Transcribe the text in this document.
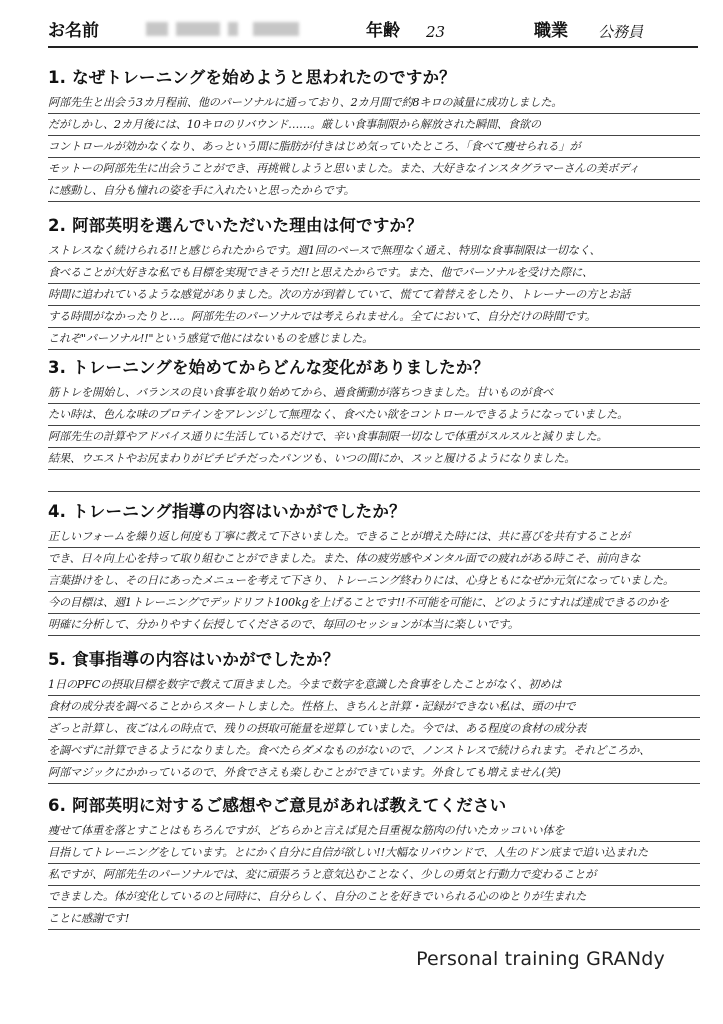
お名前	年齢 23	職業 公務員
1. なぜトレーニングを始めようと思われたのですか？
阿部先生と出会う3カ月程前、他のパーソナルに通っており、2カ月間で約8キロの減量に成功しました。
だがしかし、2カ月後には、10キロのリバウンド……。厳しい食事制限から解放された瞬間、食欲の
コントロールが効かなくなり、あっという間に脂肪が付きはじめ気っていたところ、「食べて痩せられる」が
モットーの阿部先生に出会うことができ、再挑戦しようと思いました。また、大好きなインスタグラマーさんの美ボディ
に感動し、自分も憧れの姿を手に入れたいと思ったからです。
2. 阿部英明を選んでいただいた理由は何ですか？
ストレスなく続けられる!!と感じられたからです。週1回のペースで無理なく通え、特別な食事制限は一切なく、
食べることが大好きな私でも目標を実現できそうだ!!と思えたからです。また、他でパーソナルを受けた際に、
時間に追われているような感覚がありました。次の方が到着していて、慌てて着替えをしたり、トレーナーの方とお話
する時間がなかったりと…。阿部先生のパーソナルでは考えられません。全てにおいて、自分だけの時間です。
これぞ"パーソナル!!"という感覚で他にはないものを感じました。
3. トレーニングを始めてからどんな変化がありましたか？
筋トレを開始し、バランスの良い食事を取り始めてから、過食衝動が落ちつきました。甘いものが食べ
たい時は、色んな味のプロテインをアレンジして無理なく、食べたい欲をコントロールできるようになっていました。
阿部先生の計算やアドバイス通りに生活しているだけで、辛い食事制限一切なしで体重がスルスルと減りました。
結果、ウエストやお尻まわりがピチピチだったパンツも、いつの間にか、スッと履けるようになりました。
4. トレーニング指導の内容はいかがでしたか？
正しいフォームを繰り返し何度も丁寧に教えて下さいました。できることが増えた時には、共に喜びを共有することが
でき、日々向上心を持って取り組むことができました。また、体の疲労感やメンタル面での疲れがある時こそ、前向きな
言葉掛けをし、その日にあったメニューを考えて下さり、トレーニング終わりには、心身ともになぜか元気になっていました。
今の目標は、週1トレーニングでデッドリフト100kgを上げることです!!不可能を可能に、どのようにすれば達成できるのかを
明確に分析して、分かりやすく伝授してくださるので、毎回のセッションが本当に楽しいです。
5. 食事指導の内容はいかがでしたか？
1日のPFCの摂取目標を数字で教えて頂きました。今まで数字を意識した食事をしたことがなく、初めは
食材の成分表を調べることからスタートしました。性格上、きちんと計算・記録ができない私は、頭の中で
ざっと計算し、夜ごはんの時点で、残りの摂取可能量を逆算していました。今では、ある程度の食材の成分表
を調べずに計算できるようになりました。食べたらダメなものがないので、ノンストレスで続けられます。それどころか、
阿部マジックにかかっているので、外食でさえも楽しむことができています。外食しても増えません(笑)
6. 阿部英明に対するご感想やご意見があれば教えてください
痩せて体重を落とすことはもちろんですが、どちらかと言えば見た目重視な筋肉の付いたカッコいい体を
目指してトレーニングをしています。とにかく自分に自信が欲しい!!大幅なリバウンドで、人生のドン底まで追い込まれた
私ですが、阿部先生のパーソナルでは、変に頑張ろうと意気込むことなく、少しの勇気と行動力で変わることが
できました。体が変化しているのと同時に、自分らしく、自分のことを好きでいられる心のゆとりが生まれた
ことに感謝です!
Personal training GRANdy
